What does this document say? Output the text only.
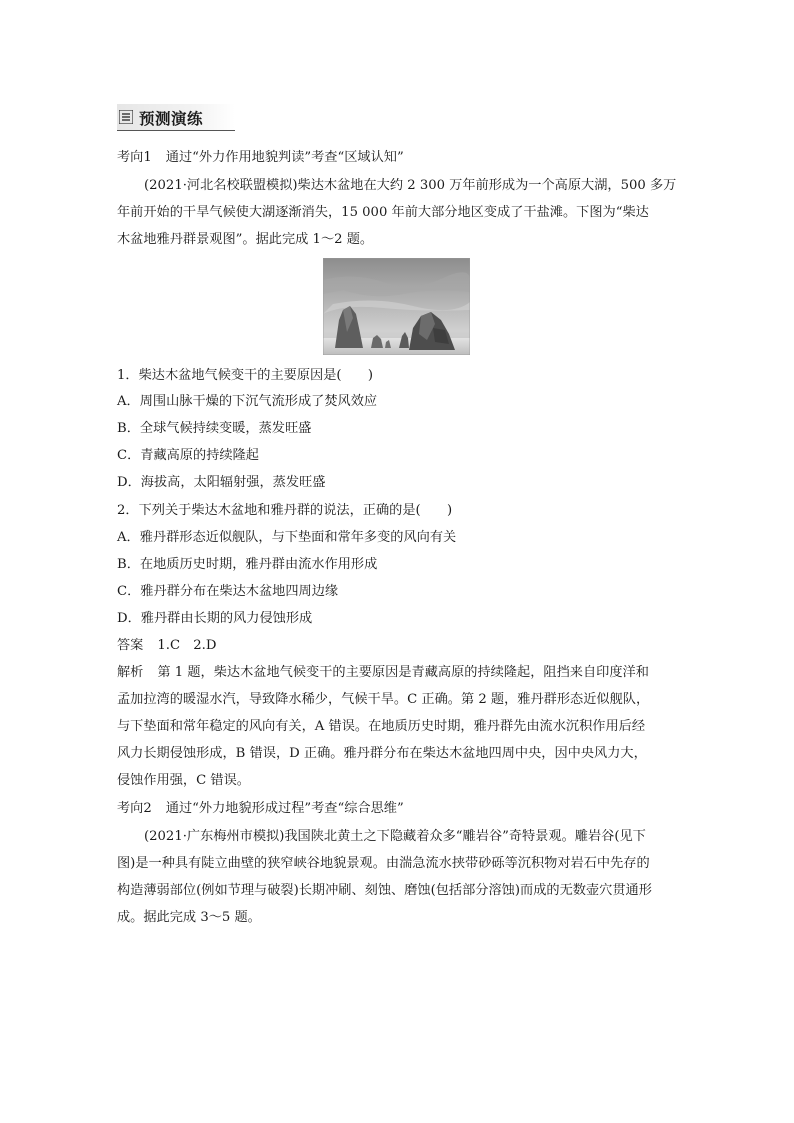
预测演练
考向1 通过“外力作用地貌判读”考查“区域认知”
(2021·河北名校联盟模拟)柴达木盆地在大约 2 300 万年前形成为一个高原大湖，500 多万
年前开始的干旱气候使大湖逐渐消失，15 000 年前大部分地区变成了干盐滩。下图为“柴达
木盆地雅丹群景观图”。据此完成 1～2 题。
1．柴达木盆地气候变干的主要原因是(　　)
A．周围山脉干燥的下沉气流形成了焚风效应
B．全球气候持续变暖，蒸发旺盛
C．青藏高原的持续隆起
D．海拔高，太阳辐射强，蒸发旺盛
2．下列关于柴达木盆地和雅丹群的说法，正确的是(　　)
A．雅丹群形态近似舰队，与下垫面和常年多变的风向有关
B．在地质历史时期，雅丹群由流水作用形成
C．雅丹群分布在柴达木盆地四周边缘
D．雅丹群由长期的风力侵蚀形成
答案 1.C　2.D
解析 第 1 题，柴达木盆地气候变干的主要原因是青藏高原的持续隆起，阻挡来自印度洋和
孟加拉湾的暖湿水汽，导致降水稀少，气候干旱。C 正确。第 2 题，雅丹群形态近似舰队，
与下垫面和常年稳定的风向有关，A 错误。在地质历史时期，雅丹群先由流水沉积作用后经
风力长期侵蚀形成，B 错误，D 正确。雅丹群分布在柴达木盆地四周中央，因中央风力大，
侵蚀作用强，C 错误。
考向2 通过“外力地貌形成过程”考查“综合思维”
(2021·广东梅州市模拟)我国陕北黄土之下隐藏着众多“雕岩谷”奇特景观。雕岩谷(见下
图)是一种具有陡立曲壁的狭窄峡谷地貌景观。由湍急流水挟带砂砾等沉积物对岩石中先存的
构造薄弱部位(例如节理与破裂)长期冲刷、刻蚀、磨蚀(包括部分溶蚀)而成的无数壶穴贯通形
成。据此完成 3～5 题。
